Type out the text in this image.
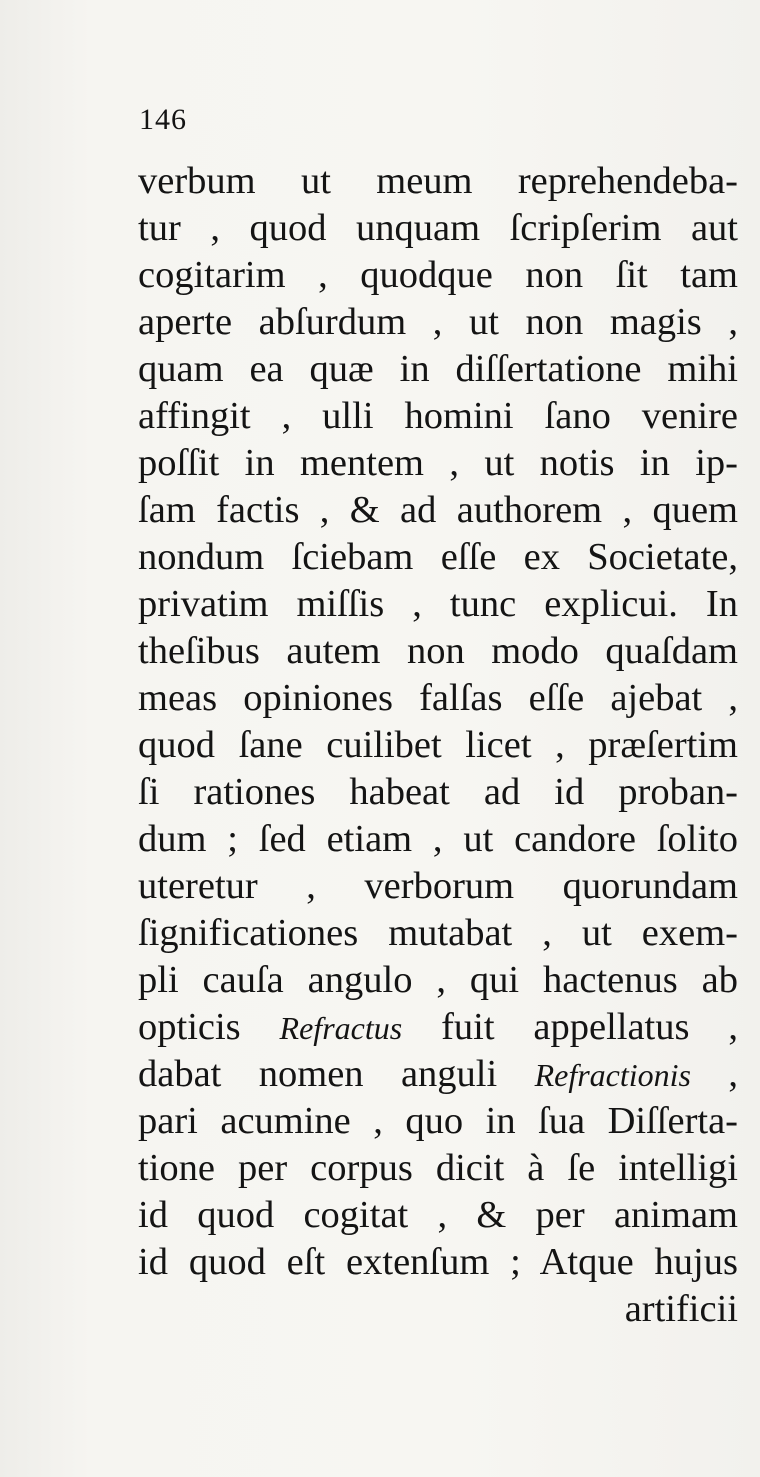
146
verbum ut meum reprehendeba-
tur , quod unquam ſcripſerim aut
cogitarim , quodque non ſit tam
aperte abſurdum , ut non magis ,
quam ea quæ in diſſertatione mihi
affingit , ulli homini ſano venire
poſſit in mentem , ut notis in ip-
ſam factis , & ad authorem , quem
nondum ſciebam eſſe ex Societate,
privatim miſſis , tunc explicui. In
theſibus autem non modo quaſdam
meas opiniones falſas eſſe ajebat ,
quod ſane cuilibet licet , præſertim
ſi rationes habeat ad id proban-
dum ; ſed etiam , ut candore ſolito
uteretur , verborum quorundam
ſignificationes mutabat , ut exem-
pli cauſa angulo , qui hactenus ab
opticis Refractus fuit appellatus ,
dabat nomen anguli Refractionis ,
pari acumine , quo in ſua Diſſerta-
tione per corpus dicit à ſe intelligi
id quod cogitat , & per animam
id quod eſt extenſum ; Atque hujus
artificii
